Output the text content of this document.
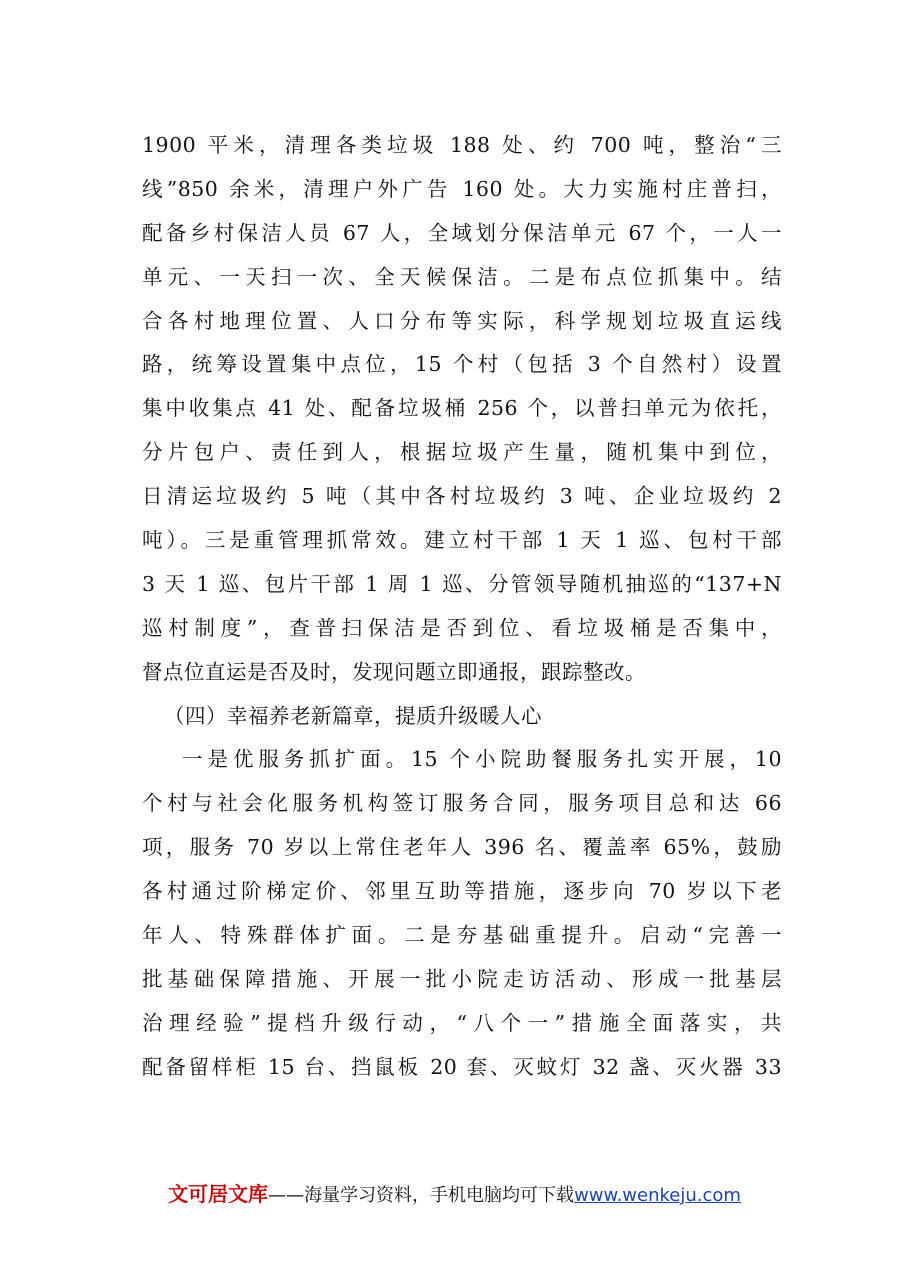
1900 平米，清理各类垃圾 188 处、约 700 吨，整治“三
线”850 余米，清理户外广告 160 处。大力实施村庄普扫，
配备乡村保洁人员 67 人，全域划分保洁单元 67 个，一人一
单元、一天扫一次、全天候保洁。二是布点位抓集中。结
合各村地理位置、人口分布等实际，科学规划垃圾直运线
路，统筹设置集中点位，15 个村（包括 3 个自然村）设置
集中收集点 41 处、配备垃圾桶 256 个，以普扫单元为依托，
分片包户、责任到人，根据垃圾产生量，随机集中到位，
日清运垃圾约 5 吨（其中各村垃圾约 3 吨、企业垃圾约 2
吨）。三是重管理抓常效。建立村干部 1 天 1 巡、包村干部
3 天 1 巡、包片干部 1 周 1 巡、分管领导随机抽巡的“137+N
巡村制度”，查普扫保洁是否到位、看垃圾桶是否集中，
督点位直运是否及时，发现问题立即通报，跟踪整改。
（四）幸福养老新篇章，提质升级暖人心
一是优服务抓扩面。15 个小院助餐服务扎实开展，10
个村与社会化服务机构签订服务合同，服务项目总和达 66
项，服务 70 岁以上常住老年人 396 名、覆盖率 65%，鼓励
各村通过阶梯定价、邻里互助等措施，逐步向 70 岁以下老
年人、特殊群体扩面。二是夯基础重提升。启动“完善一
批基础保障措施、开展一批小院走访活动、形成一批基层
治理经验”提档升级行动，“八个一”措施全面落实，共
配备留样柜 15 台、挡鼠板 20 套、灭蚊灯 32 盏、灭火器 33
文可居文库——海量学习资料，手机电脑均可下载www.wenkeju.com
